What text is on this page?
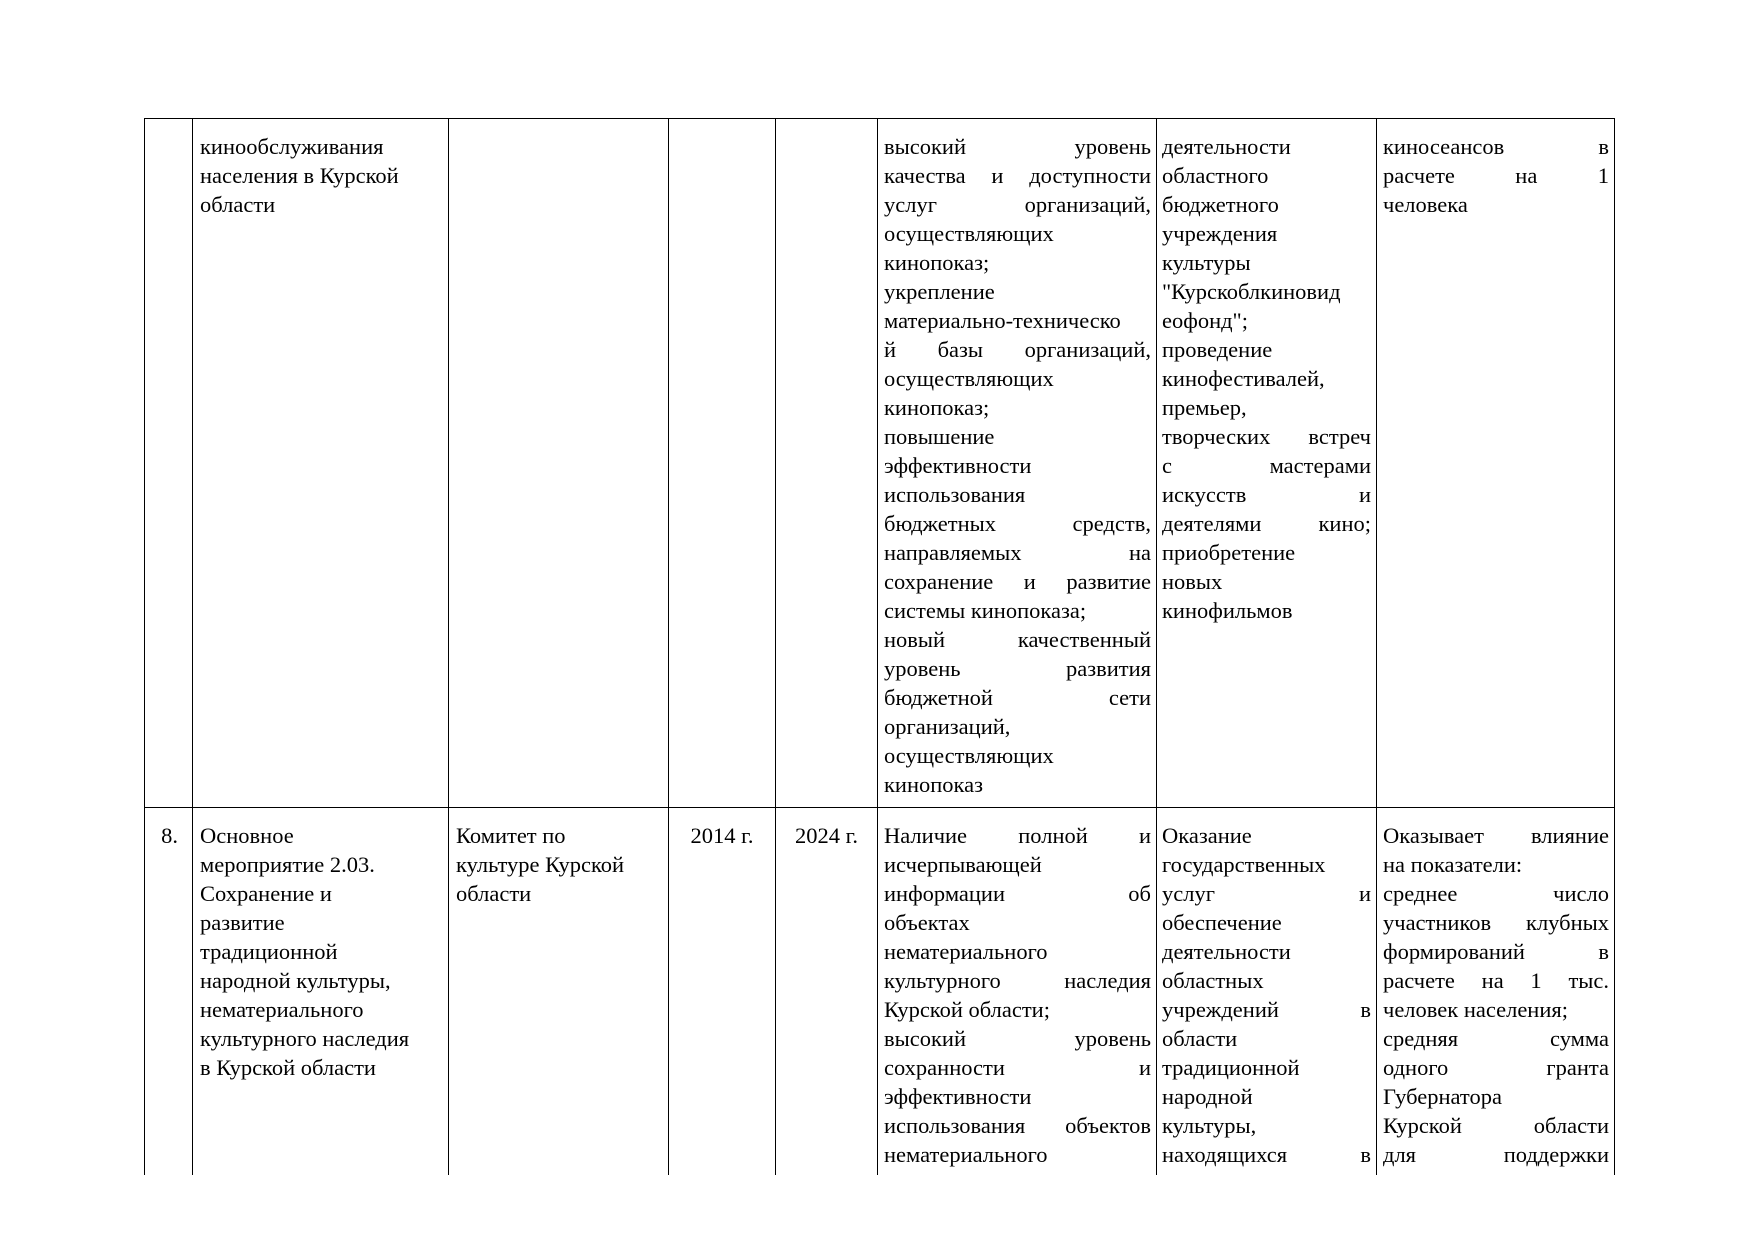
кинообслуживания
населения в Курской
области
высокий уровень
качества и доступности
услуг организаций,
осуществляющих
кинопоказ;
укрепление
материально-техническо
й базы организаций,
осуществляющих
кинопоказ;
повышение
эффективности
использования
бюджетных средств,
направляемых на
сохранение и развитие
системы кинопоказа;
новый качественный
уровень развития
бюджетной сети
организаций,
осуществляющих
кинопоказ
деятельности
областного
бюджетного
учреждения
культуры
"Курскоблкиновид
еофонд";
проведение
кинофестивалей,
премьер,
творческих встреч
с мастерами
искусств и
деятелями кино;
приобретение
новых
кинофильмов
киносеансов в
расчете на 1
человека
8. Основное
мероприятие 2.03.
Сохранение и
развитие
традиционной
народной культуры,
нематериального
культурного наследия
в Курской области
Комитет по
культуре Курской
области
2014 г.	2024 г.	Наличие полной и
исчерпывающей
информации об
объектах
нематериального
культурного наследия
Курской области;
высокий уровень
сохранности и
эффективности
использования объектов
нематериального
Оказание
государственных
услуг и
обеспечение
деятельности
областных
учреждений в
области
традиционной
народной
культуры,
находящихся в
Оказывает влияние
на показатели:
среднее число
участников клубных
формирований в
расчете на 1 тыс.
человек населения;
средняя сумма
одного гранта
Губернатора
Курской области
для поддержки
